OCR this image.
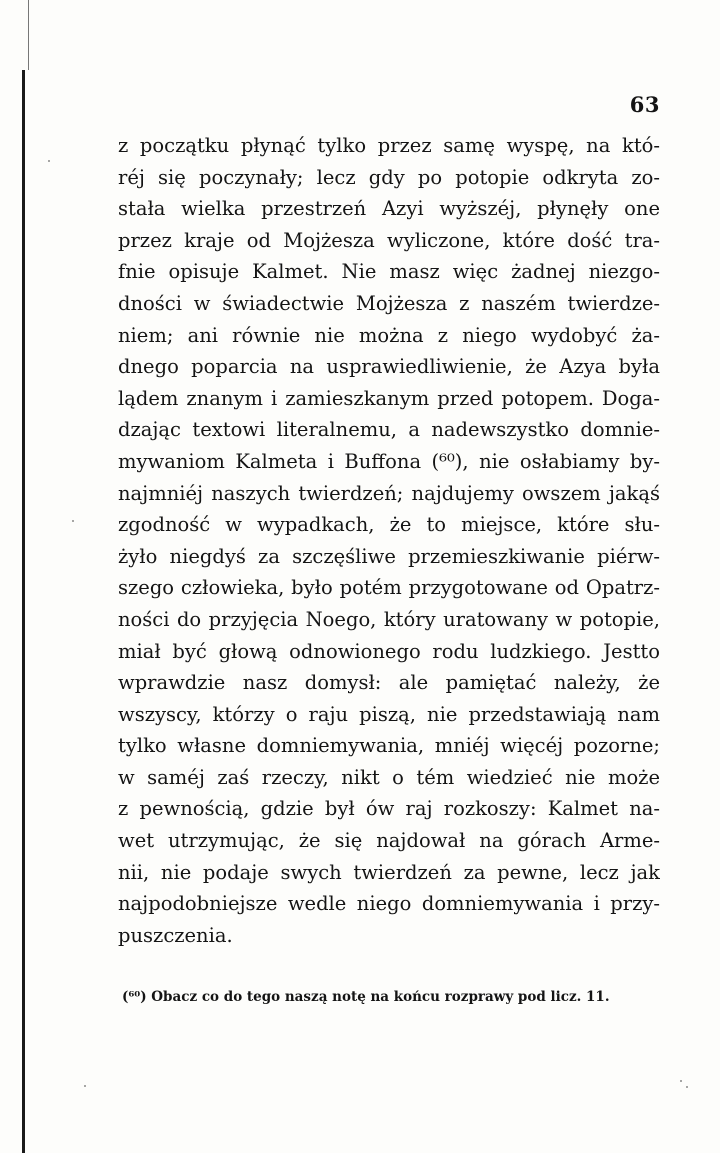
63
z początku płynąć tylko przez samę wyspę, na któ-
réj się poczynały; lecz gdy po potopie odkryta zo-
stała wielka przestrzeń Azyi wyższéj, płynęły one
przez kraje od Mojżesza wyliczone, które dość tra-
fnie opisuje Kalmet. Nie masz więc żadnej niezgo-
dności w świadectwie Mojżesza z naszém twierdze-
niem; ani równie nie można z niego wydobyć ża-
dnego poparcia na usprawiedliwienie, że Azya była
lądem znanym i zamieszkanym przed potopem. Doga-
dzając textowi literalnemu, a nadewszystko domnie-
mywaniom Kalmeta i Buffona (⁶⁰), nie osłabiamy by-
najmniéj naszych twierdzeń; najdujemy owszem jakąś
zgodność w wypadkach, że to miejsce, które słu-
żyło niegdyś za szczęśliwe przemieszkiwanie piérw-
szego człowieka, było potém przygotowane od Opatrz-
ności do przyjęcia Noego, który uratowany w potopie,
miał być głową odnowionego rodu ludzkiego. Jestto
wprawdzie nasz domysł: ale pamiętać należy, że
wszyscy, którzy o raju piszą, nie przedstawiają nam
tylko własne domniemywania, mniéj więcéj pozorne;
w saméj zaś rzeczy, nikt o tém wiedzieć nie może
z pewnością, gdzie był ów raj rozkoszy: Kalmet na-
wet utrzymując, że się najdował na górach Arme-
nii, nie podaje swych twierdzeń za pewne, lecz jak
najpodobniejsze wedle niego domniemywania i przy-
puszczenia.
(⁶⁰) Obacz co do tego naszą notę na końcu rozprawy pod licz. 11.
